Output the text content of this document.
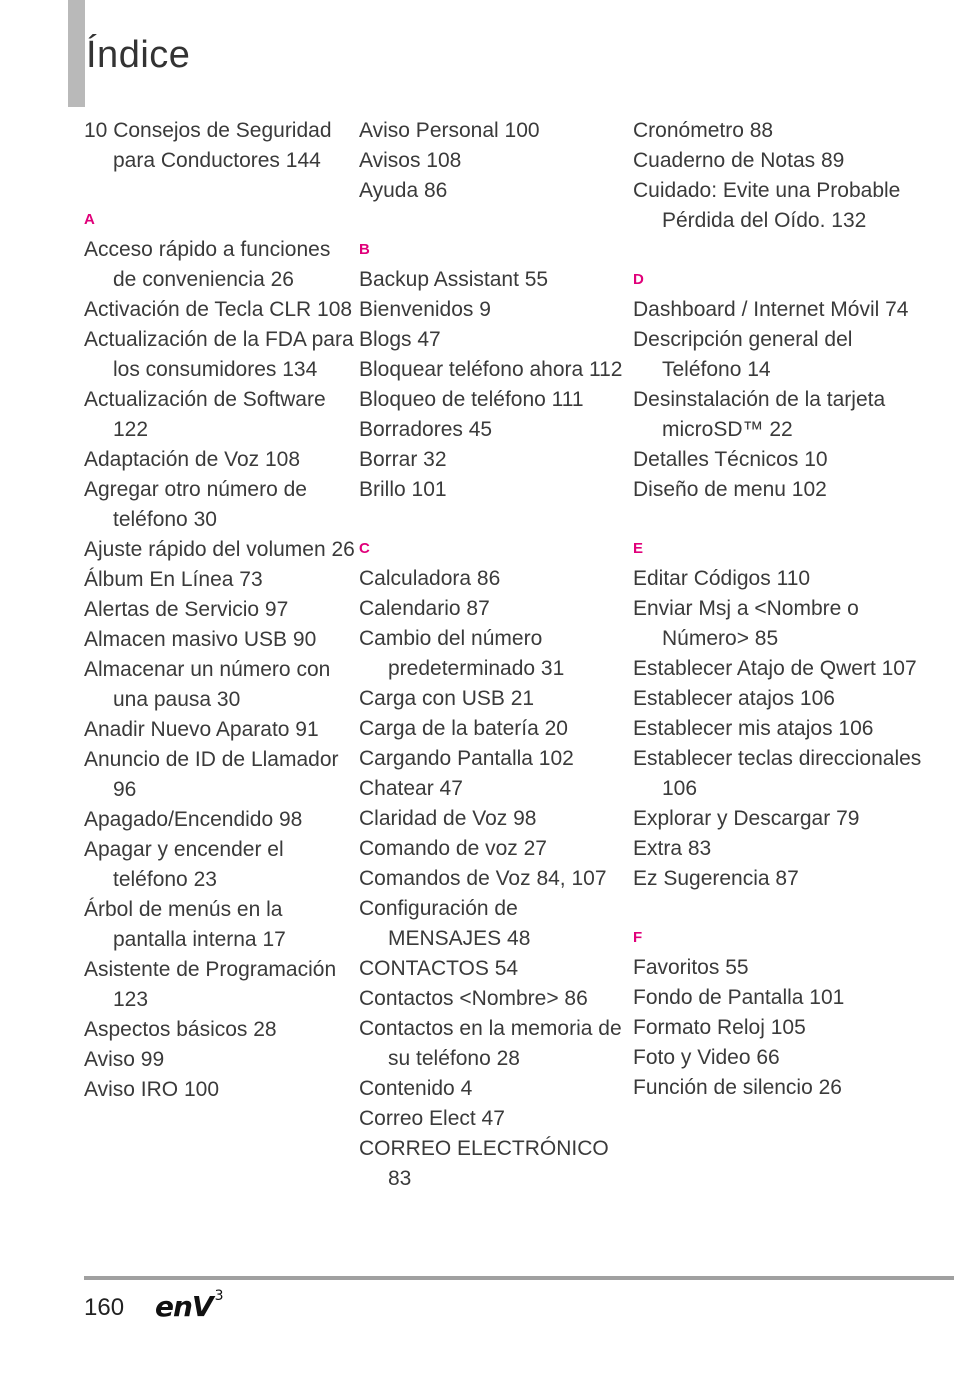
Índice
10 Consejos de Seguridad para Conductores 144
A
Acceso rápido a funciones de conveniencia 26
Activación de Tecla CLR 108
Actualización de la FDA para los consumidores 134
Actualización de Software 122
Adaptación de Voz 108
Agregar otro número de teléfono 30
Ajuste rápido del volumen 26
Álbum En Línea 73
Alertas de Servicio 97
Almacen masivo USB 90
Almacenar un número con una pausa 30
Anadir Nuevo Aparato 91
Anuncio de ID de Llamador 96
Apagado/Encendido 98
Apagar y encender el teléfono 23
Árbol de menús en la pantalla interna 17
Asistente de Programación 123
Aspectos básicos 28
Aviso 99
Aviso IRO 100
Aviso Personal 100
Avisos 108
Ayuda 86
B
Backup Assistant 55
Bienvenidos 9
Blogs 47
Bloquear teléfono ahora 112
Bloqueo de teléfono 111
Borradores 45
Borrar 32
Brillo 101
C
Calculadora 86
Calendario 87
Cambio del número predeterminado 31
Carga con USB 21
Carga de la batería 20
Cargando Pantalla 102
Chatear 47
Claridad de Voz 98
Comando de voz 27
Comandos de Voz 84, 107
Configuración de MENSAJES 48
CONTACTOS 54
Contactos <Nombre> 86
Contactos en la memoria de su teléfono 28
Contenido 4
Correo Elect 47
CORREO ELECTRÓNICO 83
Cronómetro 88
Cuaderno de Notas 89
Cuidado: Evite una Probable Pérdida del Oído. 132
D
Dashboard / Internet Móvil 74
Descripción general del Teléfono 14
Desinstalación de la tarjeta microSD™ 22
Detalles Técnicos 10
Diseño de menu 102
E
Editar Códigos 110
Enviar Msj a <Nombre o Número> 85
Establecer Atajo de Qwert 107
Establecer atajos 106
Establecer mis atajos 106
Establecer teclas direccionales 106
Explorar y Descargar 79
Extra 83
Ez Sugerencia 87
F
Favoritos 55
Fondo de Pantalla 101
Formato Reloj 105
Foto y Video 66
Función de silencio 26
160 enV 3
